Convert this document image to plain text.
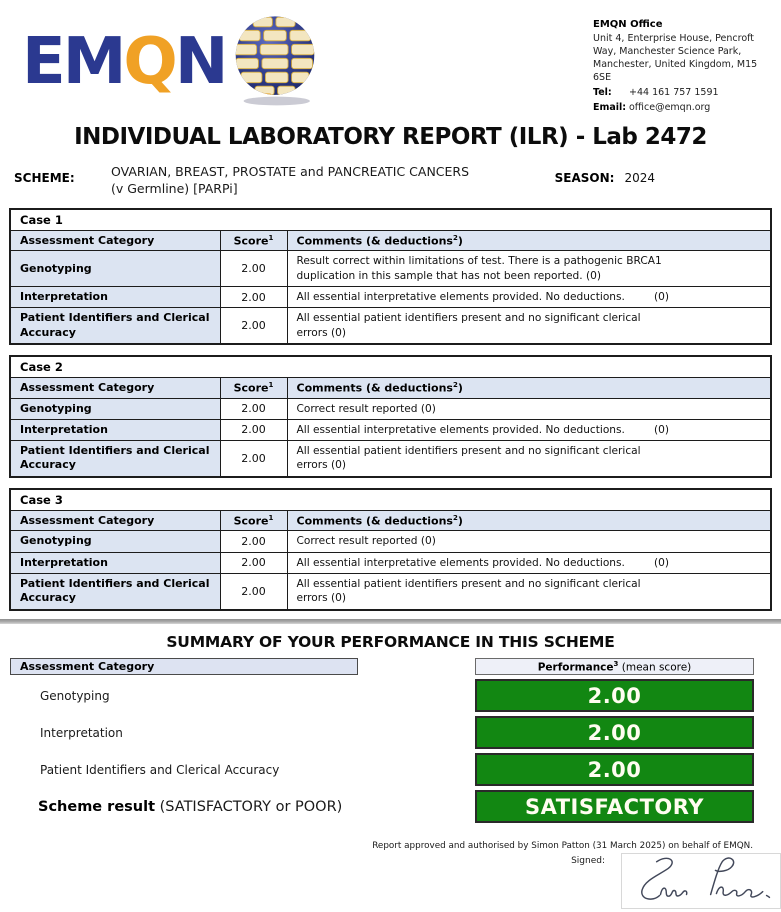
EMQN
EMQN Office
Unit 4, Enterprise House, Pencroft Way, Manchester Science Park, Manchester, United Kingdom, M15 6SE
Tel:	+44 161 757 1591
Email: office@emqn.org
INDIVIDUAL LABORATORY REPORT (ILR) - Lab 2472
SCHEME:	OVARIAN, BREAST, PROSTATE and PANCREATIC CANCERS
(v Germline) [PARPi]
SEASON: 2024
Case 1		
Assessment Category	Score$^1$	Comments (& deductions$^2$)
Genotyping	2.00	Result correct within limitations of test. There is a pathogenic BRCA1 duplication in this sample that has not been reported. (0)

Interpretation	2.00	All essential interpretative elements provided. No deductions. (0)

Patient Identifiers and Clerical Accuracy	2.00	All essential patient identifiers present and no significant clerical errors (0)
Case 2		
Assessment Category	Score$^1$	Comments (& deductions$^2$)
Genotyping	2.00	Correct result reported (0)

Interpretation	2.00	All essential interpretative elements provided. No deductions. (0)

Patient Identifiers and Clerical Accuracy	2.00	All essential patient identifiers present and no significant clerical errors (0)
Case 3		
Assessment Category	Score$^1$	Comments (& deductions$^2$)
Genotyping	2.00	Correct result reported (0)

Interpretation	2.00	All essential interpretative elements provided. No deductions. (0)

Patient Identifiers and Clerical Accuracy	2.00	All essential patient identifiers present and no significant clerical errors (0)
SUMMARY OF YOUR PERFORMANCE IN THIS SCHEME
Assessment Category	Performance$^3$ (mean score)
Genotyping	2.00
Interpretation	2.00
Patient Identifiers and Clerical Accuracy	2.00
Scheme result (SATISFACTORY or POOR)	SATISFACTORY
Report approved and authorised by Simon Patton (31 March 2025) on behalf of EMQN.
Signed:
